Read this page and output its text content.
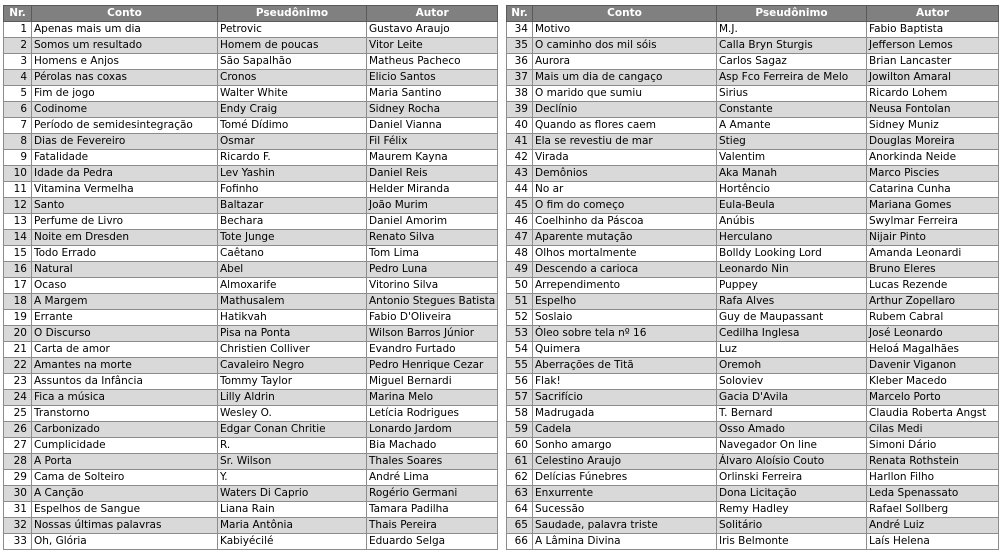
Nr.	Conto	Pseudônimo	Autor
1	Apenas mais um dia	Petrovic	Gustavo Araujo
2	Somos um resultado	Homem de poucas	Vitor Leite
3	Homens e Anjos	São Sapalhão	Matheus Pacheco
4	Pérolas nas coxas	Cronos	Elicio Santos
5	Fim de jogo	Walter White	Maria Santino
6	Codinome	Endy Craig	Sidney Rocha
7	Período de semidesintegração	Tomé Dídimo	Daniel Vianna
8	Dias de Fevereiro	Osmar	Fil Félix
9	Fatalidade	Ricardo F.	Maurem Kayna
10	Idade da Pedra	Lev Yashin	Daniel Reis
11	Vitamina Vermelha	Fofinho	Helder Miranda
12	Santo	Baltazar	João Murim
13	Perfume de Livro	Bechara	Daniel Amorim
14	Noite em Dresden	Tote Junge	Renato Silva
15	Todo Errado	Caêtano	Tom Lima
16	Natural	Abel	Pedro Luna
17	Ocaso	Almoxarife	Vitorino Silva
18	A Margem	Mathusalem	Antonio Stegues Batista
19	Errante	Hatikvah	Fabio D'Oliveira
20	O Discurso	Pisa na Ponta	Wilson Barros Júnior
21	Carta de amor	Christien Colliver	Evandro Furtado
22	Amantes na morte	Cavaleiro Negro	Pedro Henrique Cezar
23	Assuntos da Infância	Tommy Taylor	Miguel Bernardi
24	Fica a música	Lilly Aldrin	Marina Melo
25	Transtorno	Wesley O.	Letícia Rodrigues
26	Carbonizado	Edgar Conan Chritie	Lonardo Jardom
27	Cumplicidade	R.	Bia Machado
28	A Porta	Sr. Wilson	Thales Soares
29	Cama de Solteiro	Y.	André Lima
30	A Canção	Waters Di Caprio	Rogério Germani
31	Espelhos de Sangue	Liana Rain	Tamara Padilha
32	Nossas últimas palavras	Maria Antônia	Thais Pereira
33	Oh, Glória	Kabiyécilé	Eduardo Selga
Nr.	Conto	Pseudônimo	Autor
34	Motivo	M.J.	Fabio Baptista
35	O caminho dos mil sóis	Calla Bryn Sturgis	Jefferson Lemos
36	Aurora	Carlos Sagaz	Brian Lancaster
37	Mais um dia de cangaço	Asp Fco Ferreira de Melo	Jowilton Amaral
38	O marido que sumiu	Sirius	Ricardo Lohem
39	Declínio	Constante	Neusa Fontolan
40	Quando as flores caem	A Amante	Sidney Muniz
41	Ela se revestiu de mar	Stieg	Douglas Moreira
42	Virada	Valentim	Anorkinda Neide
43	Demônios	Aka Manah	Marco Piscies
44	No ar	Hortêncio	Catarina Cunha
45	O fim do começo	Eula-Beula	Mariana Gomes
46	Coelhinho da Páscoa	Anúbis	Swylmar Ferreira
47	Aparente mutação	Herculano	Nijair Pinto
48	Olhos mortalmente	Bolldy Looking Lord	Amanda Leonardi
49	Descendo a carioca	Leonardo Nin	Bruno Eleres
50	Arrependimento	Puppey	Lucas Rezende
51	Espelho	Rafa Alves	Arthur Zopellaro
52	Soslaio	Guy de Maupassant	Rubem Cabral
53	Óleo sobre tela nº 16	Cedilha Inglesa	José Leonardo
54	Quimera	Luz	Heloá Magalhães
55	Aberrações de Titã	Oremoh	Davenir Viganon
56	Flak!	Soloviev	Kleber Macedo
57	Sacrifício	Gacia D'Avila	Marcelo Porto
58	Madrugada	T. Bernard	Claudia Roberta Angst
59	Cadela	Osso Amado	Cilas Medi
60	Sonho amargo	Navegador On line	Simoni Dário
61	Celestino Araujo	Álvaro Aloísio Couto	Renata Rothstein
62	Delícias Fúnebres	Orlinski Ferreira	Harllon Filho
63	Enxurrente	Dona Licitação	Leda Spenassato
64	Sucessão	Remy Hadley	Rafael Sollberg
65	Saudade, palavra triste	Solitário	André Luiz
66	A Lâmina Divina	Iris Belmonte	Laís Helena
